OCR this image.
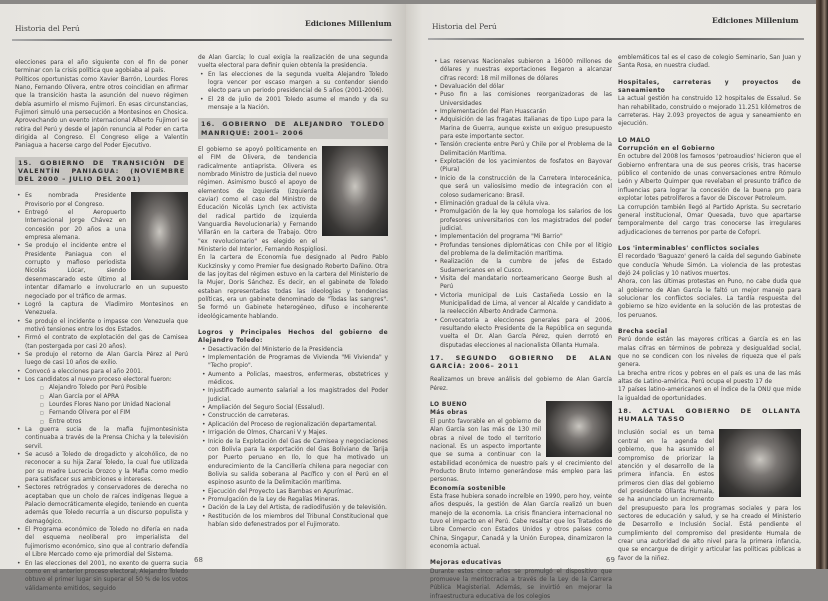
Historia del Perú
Ediciones Millenium

elecciones para el año siguiente con el fin de poner terminar con la crisis política que agobiaba al país.

Políticos oportunistas como Xavier Barrón, Lourdes Flores Nano, Fernando Olivera, entre otros coincidían en afirmar que la transición hasta la asunción del nuevo régimen debía asumirlo el mismo Fujimori. En esas circunstancias, Fujimori simuló una persecución a Montesinos en Chosica. Aprovechando un evento internacional Alberto Fujimori se retira del Perú y desde el Japón renuncia al Poder en carta dirigida al Congreso. El Congreso elige a Valentín Paniagua a hacerse cargo del Poder Ejecutivo.

15. GOBIERNO DE TRANSICIÓN DE VALENTÍN PANIAGUA: (NOVIEMBRE DEL 2000 – JULIO DEL 2001)
• Es nombrada Presidente Provisorio por el Congreso.
• Entregó el Aeropuerto Internacional Jorge Chávez en concesión por 20 años a una empresa alemana.
• Se produjo el incidente entre el Presidente Paniagua con el corrupto y mafioso periodista Nicolás Lúcar, siendo desenmascarado este último al intentar difamarlo e involucrarlo en un supuesto negociado por el tráfico de armas.
• Logró la captura de Vladimiro Montesinos en Venezuela.
• Se produjo el incidente o impasse con Venezuela que motivó tensiones entre los dos Estados.
• Firmó el contrato de explotación del gas de Camisea (tan postergada por casi 20 años).
• Se produjo el retorno de Alan García Pérez al Perú luego de casi 10 años de exilio.
• Convocó a elecciones para el año 2001.
• Los candidatos al nuevo proceso electoral fueron:
□ Alejandro Toledo por Perú Posible
□ Alan García por el APRA
□ Lourdes Flores Nano por Unidad Nacional
□ Fernando Olivera por el FIM
□ Entre otros
• La guerra sucia de la mafia fujimontesinista continuaba a través de la Prensa Chicha y la televisión servil.
• Se acusó a Toledo de drogadicto y alcohólico, de no reconocer a su hija Zaraí Toledo, la cual fue utilizada por su madre Lucrecia Orozco y la Mafia como medio para satisfacer sus ambiciones e intereses.
• Sectores retrógrados y conservadores de derecha no aceptaban que un cholo de raíces indígenas llegue a Palacio democráticamente elegido, teniendo en cuenta además que Toledo recurría a un discurso populista y demagógico.
• El Programa económico de Toledo no difería en nada del esquema neoliberal pro imperialista del fujimorismo económico, sino que al contrario defendía el Libre Mercado como eje primordial del Sistema.
• En las elecciones del 2001, no exento de guerra sucia como en el anterior proceso electoral, Alejandro Toledo obtuvo el primer lugar sin superar el 50 % de los votos válidamente emitidos, seguido

de Alan García; lo cual exigía la realización de una segunda vuelta electoral para definir quien obtenía la presidencia.

• En las elecciones de la segunda vuelta Alejandro Toledo logra vencer por escaso margen a su contendor siendo electo para un periodo presidencial de 5 años (2001-2006).
• El 28 de julio de 2001 Toledo asume el mando y da su mensaje a la Nación.
16. GOBIERNO DE ALEJANDRO TOLEDO MANRIQUE: 2001– 2006

El gobierno se apoyó políticamente en el FIM de Olivera, de tendencia radicalmente antiaprista. Olivera es nombrado Ministro de Justicia del nuevo régimen. Asimismo buscó el apoyo de elementos de izquierda (izquierda caviar) como el caso del Ministro de Educación Nicolás Lynch (ex activista del radical partido de izquierda Vanguardia Revolucionaria) y Fernando Villarán en la cartera de Trabajo. Otro "ex revolucionario" es elegido en el Ministerio del Interior, Fernando Rospigliosi.

En la cartera de Economía fue designado al Pedro Pablo Kuckzinsky y como Premier fue designado Roberto Dañino. Otra de las joyitas del régimen estuvo en la cartera del Ministerio de la Mujer, Doris Sánchez. Es decir, en el gabinete de Toledo estaban representadas todas las ideologías y tendencias políticas, era un gabinete denominado de "Todas las sangres". Se formó un Gabinete heterogéneo, difuso e incoherente ideológicamente hablando.

Logros y Principales Hechos del gobierno de Alejandro Toledo:
• Desactivación del Ministerio de la Presidencia
• Implementación de Programas de Vivienda "Mi Vivienda" y "Techo propio".
• Aumento a Policías, maestros, enfermeras, obstetrices y médicos.
• Injustificado aumento salarial a los magistrados del Poder Judicial.
• Ampliación del Seguro Social (Essalud).
• Construcción de carreteras.
• Aplicación del Proceso de regionalización departamental.
• Irrigación de Olmos, Charcani V y Majes.
• Inicio de la Explotación del Gas de Camisea y negociaciones con Bolivia para la exportación del Gas Boliviano de Tarija por Puerto peruano en Ilo, lo que ha motivado un endurecimiento de la Cancillería chilena para negociar con Bolivia su salida soberana al Pacífico y con el Perú en el espinoso asunto de la Delimitación marítima.
• Ejecución del Proyecto Las Bambas en Apurímac.
• Promulgación de la Ley de Regalías Mineras.
• Dación de la Ley del Artista, de radiodifusión y de televisión.
• Restitución de los miembros del Tribunal Constitucional que habían sido defenestrados por el Fujimorato.
68
Historia del Perú
Ediciones Millenium
• Las reservas Nacionales subieron a 16000 millones de dólares y nuestras exportaciones llegaron a alcanzar cifras record: 18 mil millones de dólares
• Devaluación del dólar
• Puso fin a las comisiones reorganizadoras de las Universidades
• Implementación del Plan Huascarán
• Adquisición de las fragatas Italianas de tipo Lupo para la Marina de Guerra, aunque existe un exiguo presupuesto para este importante sector.
• Tensión creciente entre Perú y Chile por el Problema de la Delimitación Marítima.
• Explotación de los yacimientos de fosfatos en Bayovar (Piura)
• Inicio de la construcción de la Carretera Interoceánica, que será un valiosísimo medio de integración con el coloso sudamericano: Brasil.
• Eliminación gradual de la célula viva.
• Promulgación de la ley que homologa los salarios de los profesores universitarios con los magistrados del poder judicial.
• Implementación del programa "Mi Barrio"
• Profundas tensiones diplomáticas con Chile por el litigio del problema de la delimitación marítima.
• Realización de la cumbre de jefes de Estado Sudamericanos en el Cusco.
• Visita del mandatario norteamericano George Bush al Perú
• Victoria municipal de Luis Castañeda Lossio en la Municipalidad de Lima, al vencer al Alcalde y candidato a la reelección Alberto Andrade Carmona.
• Convocatoria a elecciones generales para el 2006, resultando electo Presidente de la República en segunda vuelta el Dr. Alan García Pérez, quien derrotó en disputadas elecciones al nacionalista Ollanta Humala.
17. SEGUNDO GOBIERNO DE ALAN GARCÍA: 2006– 2011

Realizamos un breve análisis del gobierno de Alan García Pérez.

LO BUENO
Más obras

El punto favorable en el gobierno de Alan García son las más de 130 mil obras a nivel de todo el territorio nacional. Es un aspecto importante que se suma a continuar con la estabilidad económica de nuestro país y el crecimiento del Producto Bruto Interno generándose más empleo para las personas.

Economía sostenible

Esta frase hubiera sonado increíble en 1990, pero hoy, veinte años después, la gestión de Alan García realizó un buen manejo de la economía. La crisis financiera internacional no tuvo el impacto en el Perú. Cabe resaltar que los Tratados de Libre Comercio con Estados Unidos y otros países como China, Singapur, Canadá y la Unión Europea, dinamizaron la economía actual.

Mejoras educativas

Durante estos cinco años se promulgó el dispositivo que promueve la meritocracia a través de la Ley de la Carrera Pública Magisterial. Además, se invirtió en mejorar la infraestructura educativa de los colegios

emblemáticos tal es el caso de colegio Seminario, San Juan y Santa Rosa, en nuestra ciudad.

Hospitales, carreteras y proyectos de saneamiento

La actual gestión ha construido 12 hospitales de Essalud. Se han rehabilitado, construido o mejorado 11.251 kilómetros de carreteras. Hay 2.093 proyectos de agua y saneamiento en ejecución.

LO MALO
Corrupción en el Gobierno

En octubre del 2008 los famosos 'petroaudios' hicieron que el Gobierno enfrentara una de sus peores crisis, tras hacerse público el contenido de unas conversaciones entre Rómulo León y Alberto Quimper que revelaban el presunto tráfico de influencias para lograr la concesión de la buena pro para explotar lotes petrolíferos a favor de Discover Petroleum.

La corrupción también llegó al Partido Aprista. Su secretario general institucional, Omar Quesada, tuvo que apartarse temporalmente del cargo tras conocerse las irregulares adjudicaciones de terrenos por parte de Cofopri.

Los 'interminables' conflictos sociales

El recordado 'Baguazo' generó la caída del segundo Gabinete que conducía Yehude Simón. La violencia de las protestas dejó 24 policías y 10 nativos muertos.

Ahora, con las últimas protestas en Puno, no cabe duda que al gobierno de Alan García le faltó un mejor manejo para solucionar los conflictos sociales. La tardía respuesta del gobierno se hizo evidente en la solución de las protestas de los peruanos.

Brecha social

Perú donde están las mayores críticas a García es en las malas cifras en términos de pobreza y desigualdad social, que no se condicen con los niveles de riqueza que el país genera.

La brecha entre ricos y pobres en el país es una de las más altas de Latino-américa. Perú ocupa el puesto 17 de

17 países latino-americanos en el índice de la ONU que mide la igualdad de oportunidades.

18. ACTUAL GOBIERNO DE OLLANTA HUMALA TASSO

Inclusión social es un tema central en la agenda del gobierno, que ha asumido el compromiso de priorizar la atención y el desarrollo de la primera infancia. En estos primeros cien días del gobierno del presidente Ollanta Humala, se ha anunciado un incremento del presupuesto para los programas sociales y para los sectores de educación y salud, y se ha creado el Ministerio de Desarrollo e Inclusión Social. Está pendiente el cumplimiento del compromiso del presidente Humala de crear una autoridad de alto nivel para la primera infancia, que se encargue de dirigir y articular las políticas públicas a favor de la niñez.

69
